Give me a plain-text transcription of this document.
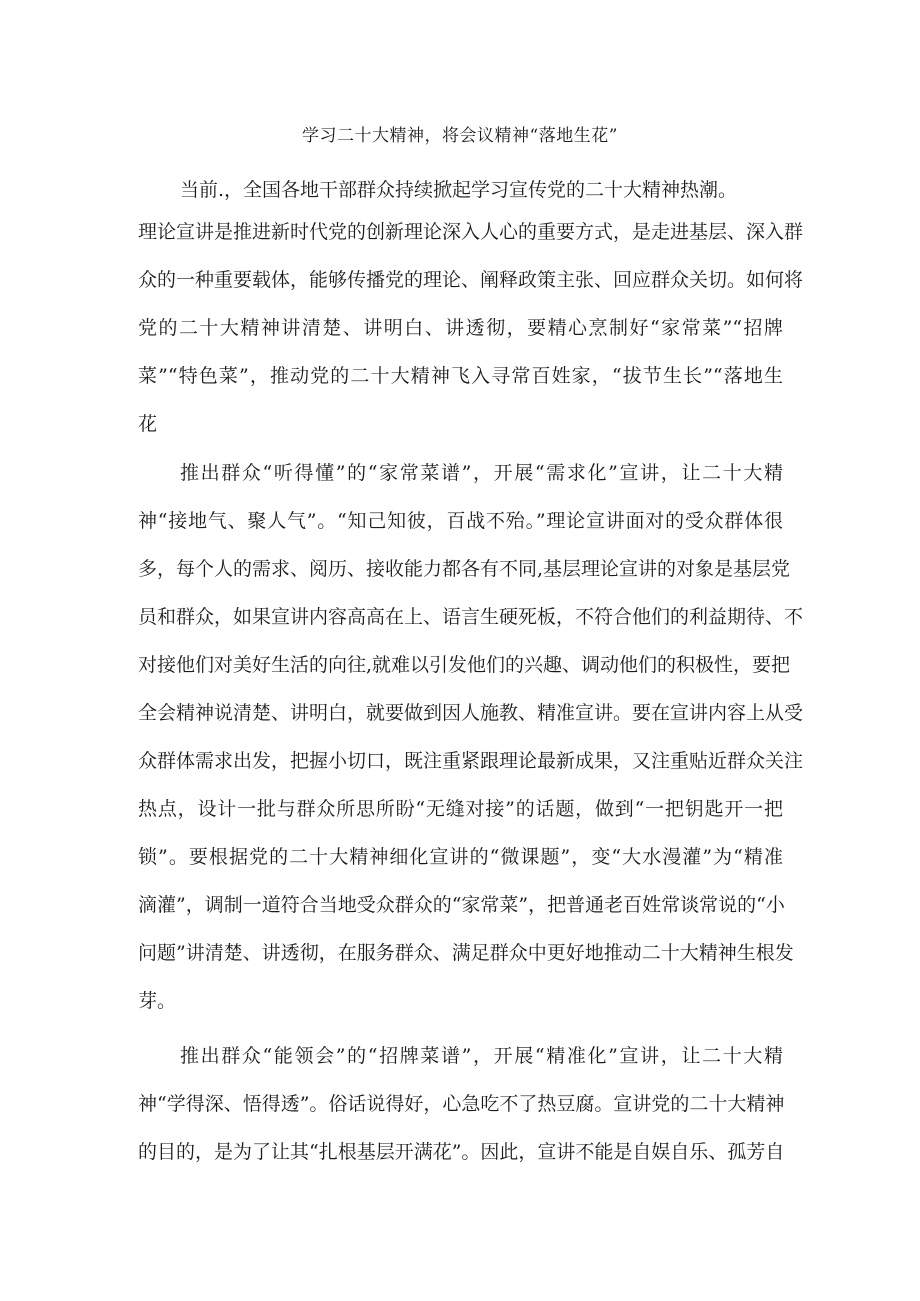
学习二十大精神，将会议精神“落地生花”
当前.，全国各地干部群众持续掀起学习宣传党的二十大精神热潮。
理论宣讲是推进新时代党的创新理论深入人心的重要方式，是走进基层、深入群
众的一种重要载体，能够传播党的理论、阐释政策主张、回应群众关切。如何将
党的二十大精神讲清楚、讲明白、讲透彻，要精心烹制好“家常菜”“招牌
菜”“特色菜”，推动党的二十大精神飞入寻常百姓家，“拔节生长”“落地生
花
推出群众“听得懂”的“家常菜谱”，开展“需求化”宣讲，让二十大精
神“接地气、聚人气”。“知己知彼，百战不殆。”理论宣讲面对的受众群体很
多，每个人的需求、阅历、接收能力都各有不同,基层理论宣讲的对象是基层党
员和群众，如果宣讲内容高高在上、语言生硬死板，不符合他们的利益期待、不
对接他们对美好生活的向往,就难以引发他们的兴趣、调动他们的积极性，要把
全会精神说清楚、讲明白，就要做到因人施教、精准宣讲。要在宣讲内容上从受
众群体需求出发，把握小切口，既注重紧跟理论最新成果，又注重贴近群众关注
热点，设计一批与群众所思所盼“无缝对接”的话题，做到“一把钥匙开一把
锁”。要根据党的二十大精神细化宣讲的“微课题”，变“大水漫灌”为“精准
滴灌”，调制一道符合当地受众群众的“家常菜”，把普通老百姓常谈常说的“小
问题”讲清楚、讲透彻，在服务群众、满足群众中更好地推动二十大精神生根发
芽。
推出群众“能领会”的“招牌菜谱”，开展“精准化”宣讲，让二十大精
神“学得深、悟得透”。俗话说得好，心急吃不了热豆腐。宣讲党的二十大精神
的目的，是为了让其“扎根基层开满花”。因此，宣讲不能是自娱自乐、孤芳自
